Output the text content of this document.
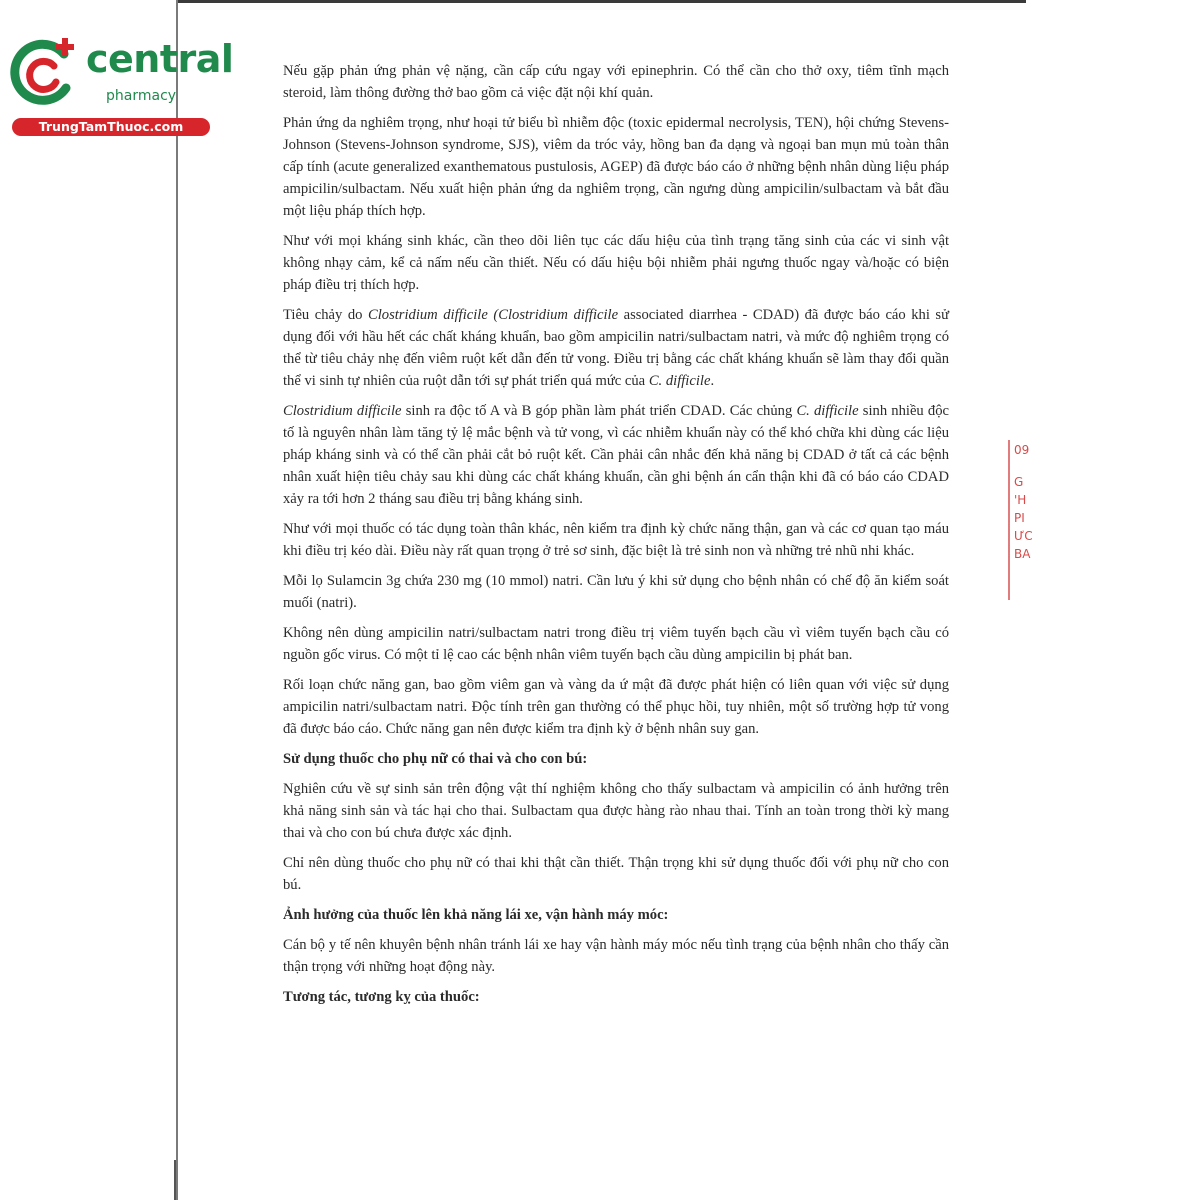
central
pharmacy
TrungTamThuoc.com
09
G
'H
PI
ƯC
BA

Nếu gặp phản ứng phản vệ nặng, cần cấp cứu ngay với epinephrin. Có thể cần cho thở oxy, tiêm tĩnh mạch steroid, làm thông đường thở bao gồm cả việc đặt nội khí quản.

Phản ứng da nghiêm trọng, như hoại tử biểu bì nhiễm độc (toxic epidermal necrolysis, TEN), hội chứng Stevens-Johnson (Stevens-Johnson syndrome, SJS), viêm da tróc vảy, hồng ban đa dạng và ngoại ban mụn mủ toàn thân cấp tính (acute generalized exanthematous pustulosis, AGEP) đã được báo cáo ở những bệnh nhân dùng liệu pháp ampicilin/sulbactam. Nếu xuất hiện phản ứng da nghiêm trọng, cần ngưng dùng ampicilin/sulbactam và bắt đầu một liệu pháp thích hợp.

Như với mọi kháng sinh khác, cần theo dõi liên tục các dấu hiệu của tình trạng tăng sinh của các vi sinh vật không nhạy cảm, kể cả nấm nếu cần thiết. Nếu có dấu hiệu bội nhiễm phải ngưng thuốc ngay và/hoặc có biện pháp điều trị thích hợp.

Tiêu chảy do Clostridium difficile (Clostridium difficile associated diarrhea - CDAD) đã được báo cáo khi sử dụng đối với hầu hết các chất kháng khuẩn, bao gồm ampicilin natri/sulbactam natri, và mức độ nghiêm trọng có thể từ tiêu chảy nhẹ đến viêm ruột kết dẫn đến tử vong. Điều trị bằng các chất kháng khuẩn sẽ làm thay đổi quần thể vi sinh tự nhiên của ruột dẫn tới sự phát triển quá mức của C. difficile.

Clostridium difficile sinh ra độc tố A và B góp phần làm phát triển CDAD. Các chủng C. difficile sinh nhiều độc tố là nguyên nhân làm tăng tỷ lệ mắc bệnh và tử vong, vì các nhiễm khuẩn này có thể khó chữa khi dùng các liệu pháp kháng sinh và có thể cần phải cắt bỏ ruột kết. Cần phải cân nhắc đến khả năng bị CDAD ở tất cả các bệnh nhân xuất hiện tiêu chảy sau khi dùng các chất kháng khuẩn, cần ghi bệnh án cẩn thận khi đã có báo cáo CDAD xảy ra tới hơn 2 tháng sau điều trị bằng kháng sinh.

Như với mọi thuốc có tác dụng toàn thân khác, nên kiểm tra định kỳ chức năng thận, gan và các cơ quan tạo máu khi điều trị kéo dài. Điều này rất quan trọng ở trẻ sơ sinh, đặc biệt là trẻ sinh non và những trẻ nhũ nhi khác.

Mỗi lọ Sulamcin 3g chứa 230 mg (10 mmol) natri. Cần lưu ý khi sử dụng cho bệnh nhân có chế độ ăn kiểm soát muối (natri).

Không nên dùng ampicilin natri/sulbactam natri trong điều trị viêm tuyến bạch cầu vì viêm tuyến bạch cầu có nguồn gốc virus. Có một tỉ lệ cao các bệnh nhân viêm tuyến bạch cầu dùng ampicilin bị phát ban.

Rối loạn chức năng gan, bao gồm viêm gan và vàng da ứ mật đã được phát hiện có liên quan với việc sử dụng ampicilin natri/sulbactam natri. Độc tính trên gan thường có thể phục hồi, tuy nhiên, một số trường hợp tử vong đã được báo cáo. Chức năng gan nên được kiểm tra định kỳ ở bệnh nhân suy gan.

Sử dụng thuốc cho phụ nữ có thai và cho con bú:

Nghiên cứu về sự sinh sản trên động vật thí nghiệm không cho thấy sulbactam và ampicilin có ảnh hưởng trên khả năng sinh sản và tác hại cho thai. Sulbactam qua được hàng rào nhau thai. Tính an toàn trong thời kỳ mang thai và cho con bú chưa được xác định.

Chỉ nên dùng thuốc cho phụ nữ có thai khi thật cần thiết. Thận trọng khi sử dụng thuốc đối với phụ nữ cho con bú.

Ảnh hưởng của thuốc lên khả năng lái xe, vận hành máy móc:

Cán bộ y tế nên khuyên bệnh nhân tránh lái xe hay vận hành máy móc nếu tình trạng của bệnh nhân cho thấy cần thận trọng với những hoạt động này.

Tương tác, tương kỵ của thuốc:
